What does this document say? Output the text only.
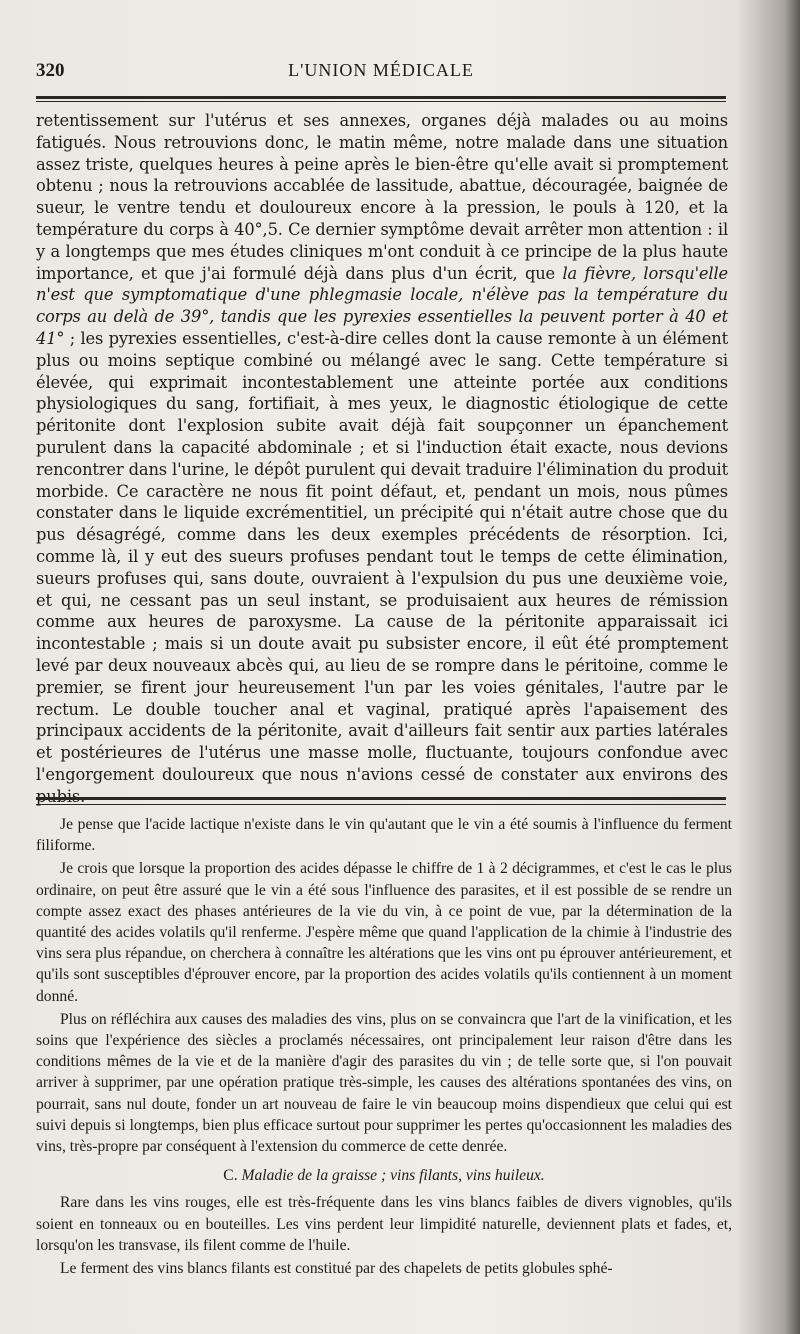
320	L'UNION MÉDICALE

retentissement sur l'utérus et ses annexes, organes déjà malades ou au moins fatigués. Nous retrouvions donc, le matin même, notre malade dans une situation assez triste, quelques heures à peine après le bien-être qu'elle avait si promptement obtenu ; nous la retrouvions accablée de lassitude, abattue, découragée, baignée de sueur, le ventre tendu et douloureux encore à la pression, le pouls à 120, et la température du corps à 40°,5. Ce dernier symptôme devait arrêter mon attention : il y a longtemps que mes études cliniques m'ont conduit à ce principe de la plus haute importance, et que j'ai formulé déjà dans plus d'un écrit, que la fièvre, lorsqu'elle n'est que symptomatique d'une phlegmasie locale, n'élève pas la température du corps au delà de 39°, tandis que les pyrexies essentielles la peuvent porter à 40 et 41° ; les pyrexies essentielles, c'est-à-dire celles dont la cause remonte à un élément plus ou moins septique combiné ou mélangé avec le sang. Cette température si élevée, qui exprimait incontestablement une atteinte portée aux conditions physiologiques du sang, fortifiait, à mes yeux, le diagnostic étiologique de cette péritonite dont l'explosion subite avait déjà fait soupçonner un épanchement purulent dans la capacité abdominale ; et si l'induction était exacte, nous devions rencontrer dans l'urine, le dépôt purulent qui devait traduire l'élimination du produit morbide. Ce caractère ne nous fit point défaut, et, pendant un mois, nous pûmes constater dans le liquide excrémentitiel, un précipité qui n'était autre chose que du pus désagrégé, comme dans les deux exemples précédents de résorption. Ici, comme là, il y eut des sueurs profuses pendant tout le temps de cette élimination, sueurs profuses qui, sans doute, ouvraient à l'expulsion du pus une deuxième voie, et qui, ne cessant pas un seul instant, se produisaient aux heures de rémission comme aux heures de paroxysme. La cause de la péritonite apparaissait ici incontestable ; mais si un doute avait pu subsister encore, il eût été promptement levé par deux nouveaux abcès qui, au lieu de se rompre dans le péritoine, comme le premier, se firent jour heureusement l'un par les voies génitales, l'autre par le rectum. Le double toucher anal et vaginal, pratiqué après l'apaisement des principaux accidents de la péritonite, avait d'ailleurs fait sentir aux parties latérales et postérieures de l'utérus une masse molle, fluctuante, toujours confondue avec l'engorgement douloureux que nous n'avions cessé de constater aux environs des pubis.

Je pense que l'acide lactique n'existe dans le vin qu'autant que le vin a été soumis à l'influence du ferment filiforme.

Je crois que lorsque la proportion des acides dépasse le chiffre de 1 à 2 décigrammes, et c'est le cas le plus ordinaire, on peut être assuré que le vin a été sous l'influence des parasites, et il est possible de se rendre un compte assez exact des phases antérieures de la vie du vin, à ce point de vue, par la détermination de la quantité des acides volatils qu'il renferme. J'espère même que quand l'application de la chimie à l'industrie des vins sera plus répandue, on cherchera à connaître les altérations que les vins ont pu éprouver antérieurement, et qu'ils sont susceptibles d'éprouver encore, par la proportion des acides volatils qu'ils contiennent à un moment donné.

Plus on réfléchira aux causes des maladies des vins, plus on se convaincra que l'art de la vinification, et les soins que l'expérience des siècles a proclamés nécessaires, ont principalement leur raison d'être dans les conditions mêmes de la vie et de la manière d'agir des parasites du vin ; de telle sorte que, si l'on pouvait arriver à supprimer, par une opération pratique très-simple, les causes des altérations spontanées des vins, on pourrait, sans nul doute, fonder un art nouveau de faire le vin beaucoup moins dispendieux que celui qui est suivi depuis si longtemps, bien plus efficace surtout pour supprimer les pertes qu'occasionnent les maladies des vins, très-propre par conséquent à l'extension du commerce de cette denrée.

C. Maladie de la graisse ; vins filants, vins huileux.

Rare dans les vins rouges, elle est très-fréquente dans les vins blancs faibles de divers vignobles, qu'ils soient en tonneaux ou en bouteilles. Les vins perdent leur limpidité naturelle, deviennent plats et fades, et, lorsqu'on les transvase, ils filent comme de l'huile.

Le ferment des vins blancs filants est constitué par des chapelets de petits globules sphé-
